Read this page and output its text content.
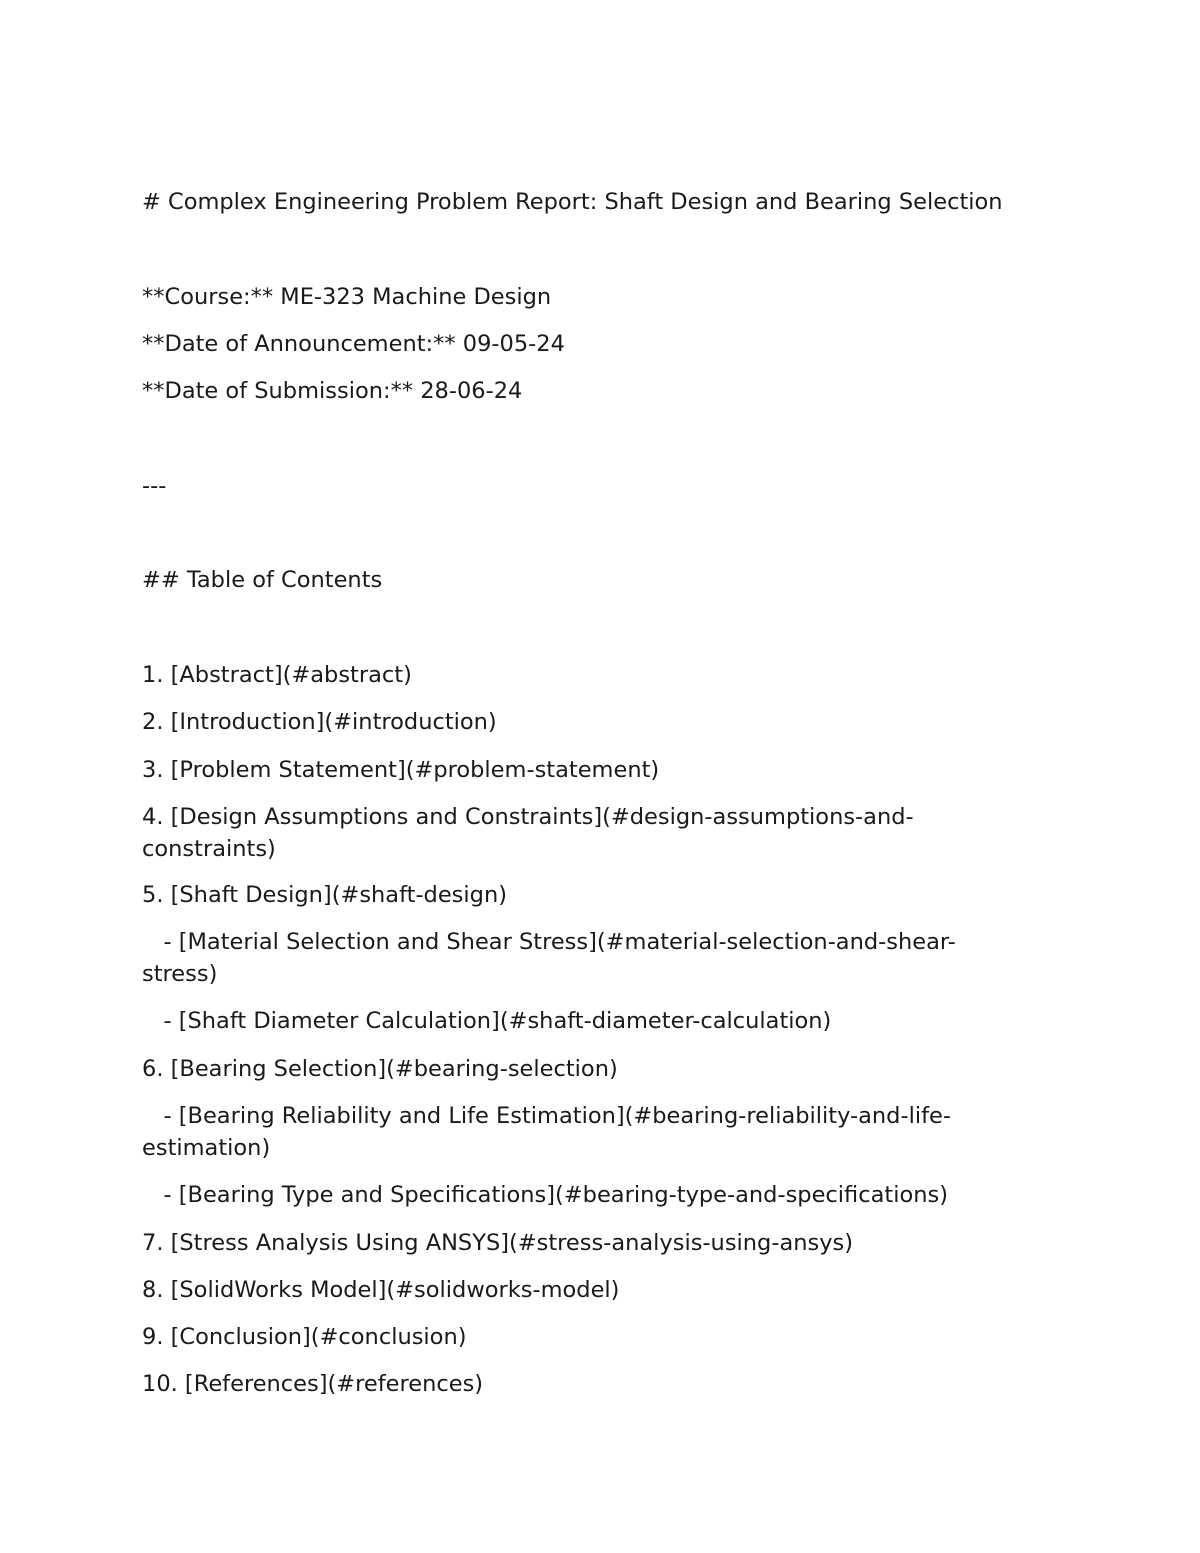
# Complex Engineering Problem Report: Shaft Design and Bearing Selection
**Course:** ME-323 Machine Design
**Date of Announcement:** 09-05-24
**Date of Submission:** 28-06-24
---
## Table of Contents
1. [Abstract](#abstract)
2. [Introduction](#introduction)
3. [Problem Statement](#problem-statement)
4. [Design Assumptions and Constraints](#design-assumptions-and-constraints)
5. [Shaft Design](#shaft-design)
- [Material Selection and Shear Stress](#material-selection-and-shear-stress)
- [Shaft Diameter Calculation](#shaft-diameter-calculation)
6. [Bearing Selection](#bearing-selection)
- [Bearing Reliability and Life Estimation](#bearing-reliability-and-life-estimation)
- [Bearing Type and Specifications](#bearing-type-and-specifications)
7. [Stress Analysis Using ANSYS](#stress-analysis-using-ansys)
8. [SolidWorks Model](#solidworks-model)
9. [Conclusion](#conclusion)
10. [References](#references)
